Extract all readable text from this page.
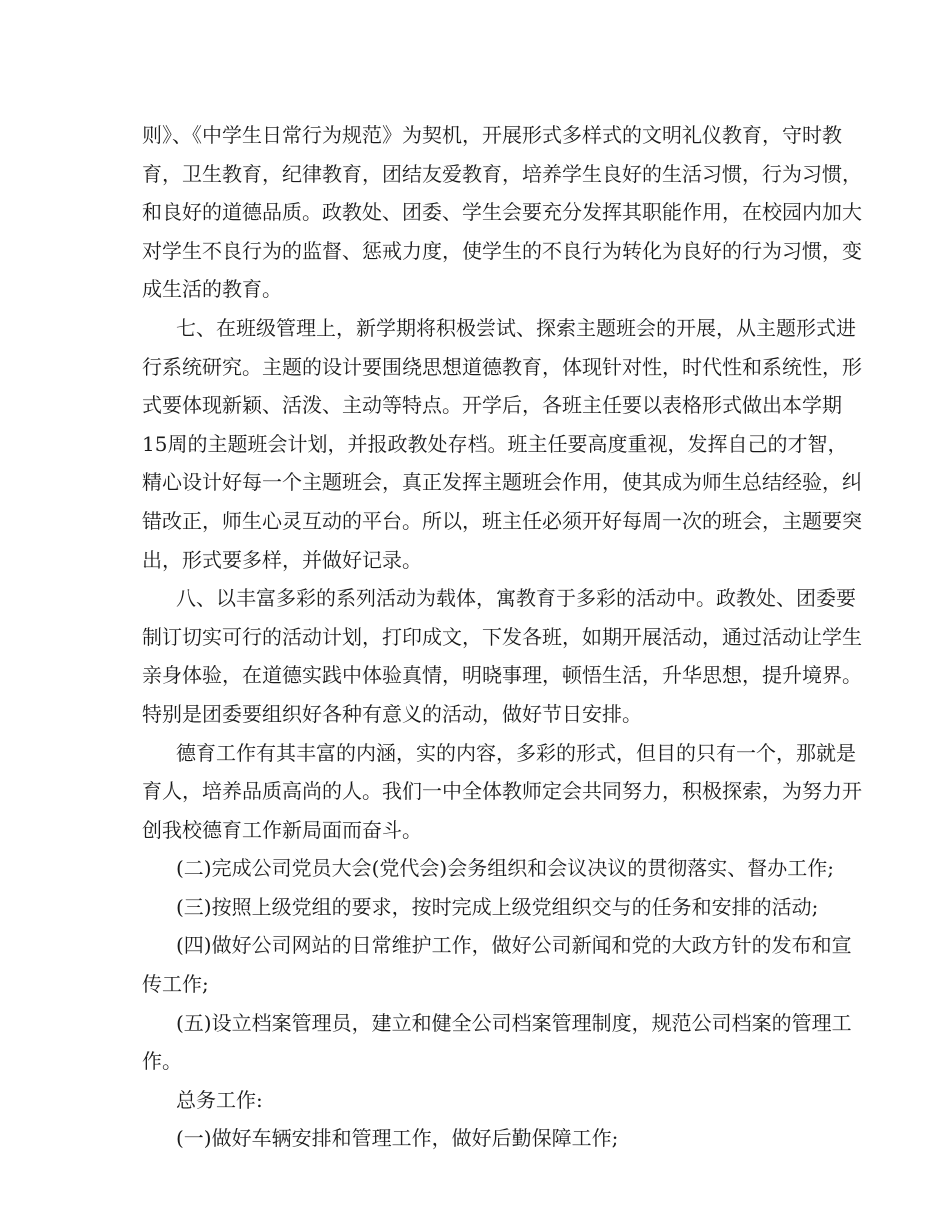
则》、《中学生日常行为规范》为契机，开展形式多样式的文明礼仪教育，守时教
育，卫生教育，纪律教育，团结友爱教育，培养学生良好的生活习惯，行为习惯，
和良好的道德品质。政教处、团委、学生会要充分发挥其职能作用，在校园内加大
对学生不良行为的监督、惩戒力度，使学生的不良行为转化为良好的行为习惯，变
成生活的教育。
七、在班级管理上，新学期将积极尝试、探索主题班会的开展，从主题形式进
行系统研究。主题的设计要围绕思想道德教育，体现针对性，时代性和系统性，形
式要体现新颖、活泼、主动等特点。开学后，各班主任要以表格形式做出本学期
15周的主题班会计划，并报政教处存档。班主任要高度重视，发挥自己的才智，
精心设计好每一个主题班会，真正发挥主题班会作用，使其成为师生总结经验，纠
错改正，师生心灵互动的平台。所以，班主任必须开好每周一次的班会，主题要突
出，形式要多样，并做好记录。
八、以丰富多彩的系列活动为载体，寓教育于多彩的活动中。政教处、团委要
制订切实可行的活动计划，打印成文，下发各班，如期开展活动，通过活动让学生
亲身体验，在道德实践中体验真情，明晓事理，顿悟生活，升华思想，提升境界。
特别是团委要组织好各种有意义的活动，做好节日安排。
德育工作有其丰富的内涵，实的内容，多彩的形式，但目的只有一个，那就是
育人，培养品质高尚的人。我们一中全体教师定会共同努力，积极探索，为努力开
创我校德育工作新局面而奋斗。
(二)完成公司党员大会(党代会)会务组织和会议决议的贯彻落实、督办工作;
(三)按照上级党组的要求，按时完成上级党组织交与的任务和安排的活动;
(四)做好公司网站的日常维护工作，做好公司新闻和党的大政方针的发布和宣
传工作;
(五)设立档案管理员，建立和健全公司档案管理制度，规范公司档案的管理工
作。
总务工作:
(一)做好车辆安排和管理工作，做好后勤保障工作;
